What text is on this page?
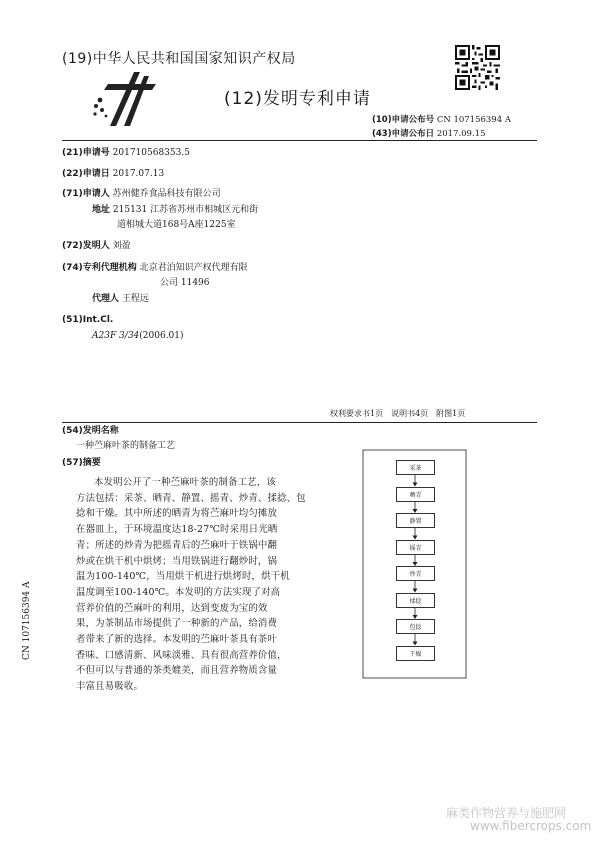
(19)中华人民共和国国家知识产权局
(12)发明专利申请
(10)申请公布号 CN 107156394 A
(43)申请公布日 2017.09.15
(21)申请号 201710568353.5
(22)申请日 2017.07.13
(71)申请人 苏州健乔食品科技有限公司
地址 215131 江苏省苏州市相城区元和街
道相城大道168号A座1225室
(72)发明人 刘盈
(74)专利代理机构 北京君泊知识产权代理有限
公司 11496
代理人 王程远
(51)Int.Cl.
A23F 3/34(2006.01)
权利要求书1页　说明书4页　附图1页
(54)发明名称
一种苎麻叶茶的制备工艺
(57)摘要
本发明公开了一种苎麻叶茶的制备工艺，该
方法包括：采茶、晒青、静置、摇青、炒青、揉捻、包
捻和干燥。其中所述的晒青为将苎麻叶均匀摊放
在器皿上，于环境温度达18-27℃时采用日光晒
青；所述的炒青为把摇青后的苎麻叶于铁锅中翻
炒或在烘干机中烘烤；当用铁锅进行翻炒时，锅
温为100-140℃，当用烘干机进行烘烤时，烘干机
温度调至100-140℃。本发明的方法实现了对高
营养价值的苎麻叶的利用，达到变废为宝的效
果，为茶制品市场提供了一种新的产品，给消费
者带来了新的选择。本发明的苎麻叶茶具有茶叶
香味、口感清新、风味淡雅、具有很高营养价值，
不但可以与普通的茶类媲美，而且营养物质含量
丰富且易吸收。
采茶
晒青
静置
摇青
炒青
揉捻
包捻
干燥
CN 107156394 A
麻类作物营养与施肥网
www.fibercrops.com
